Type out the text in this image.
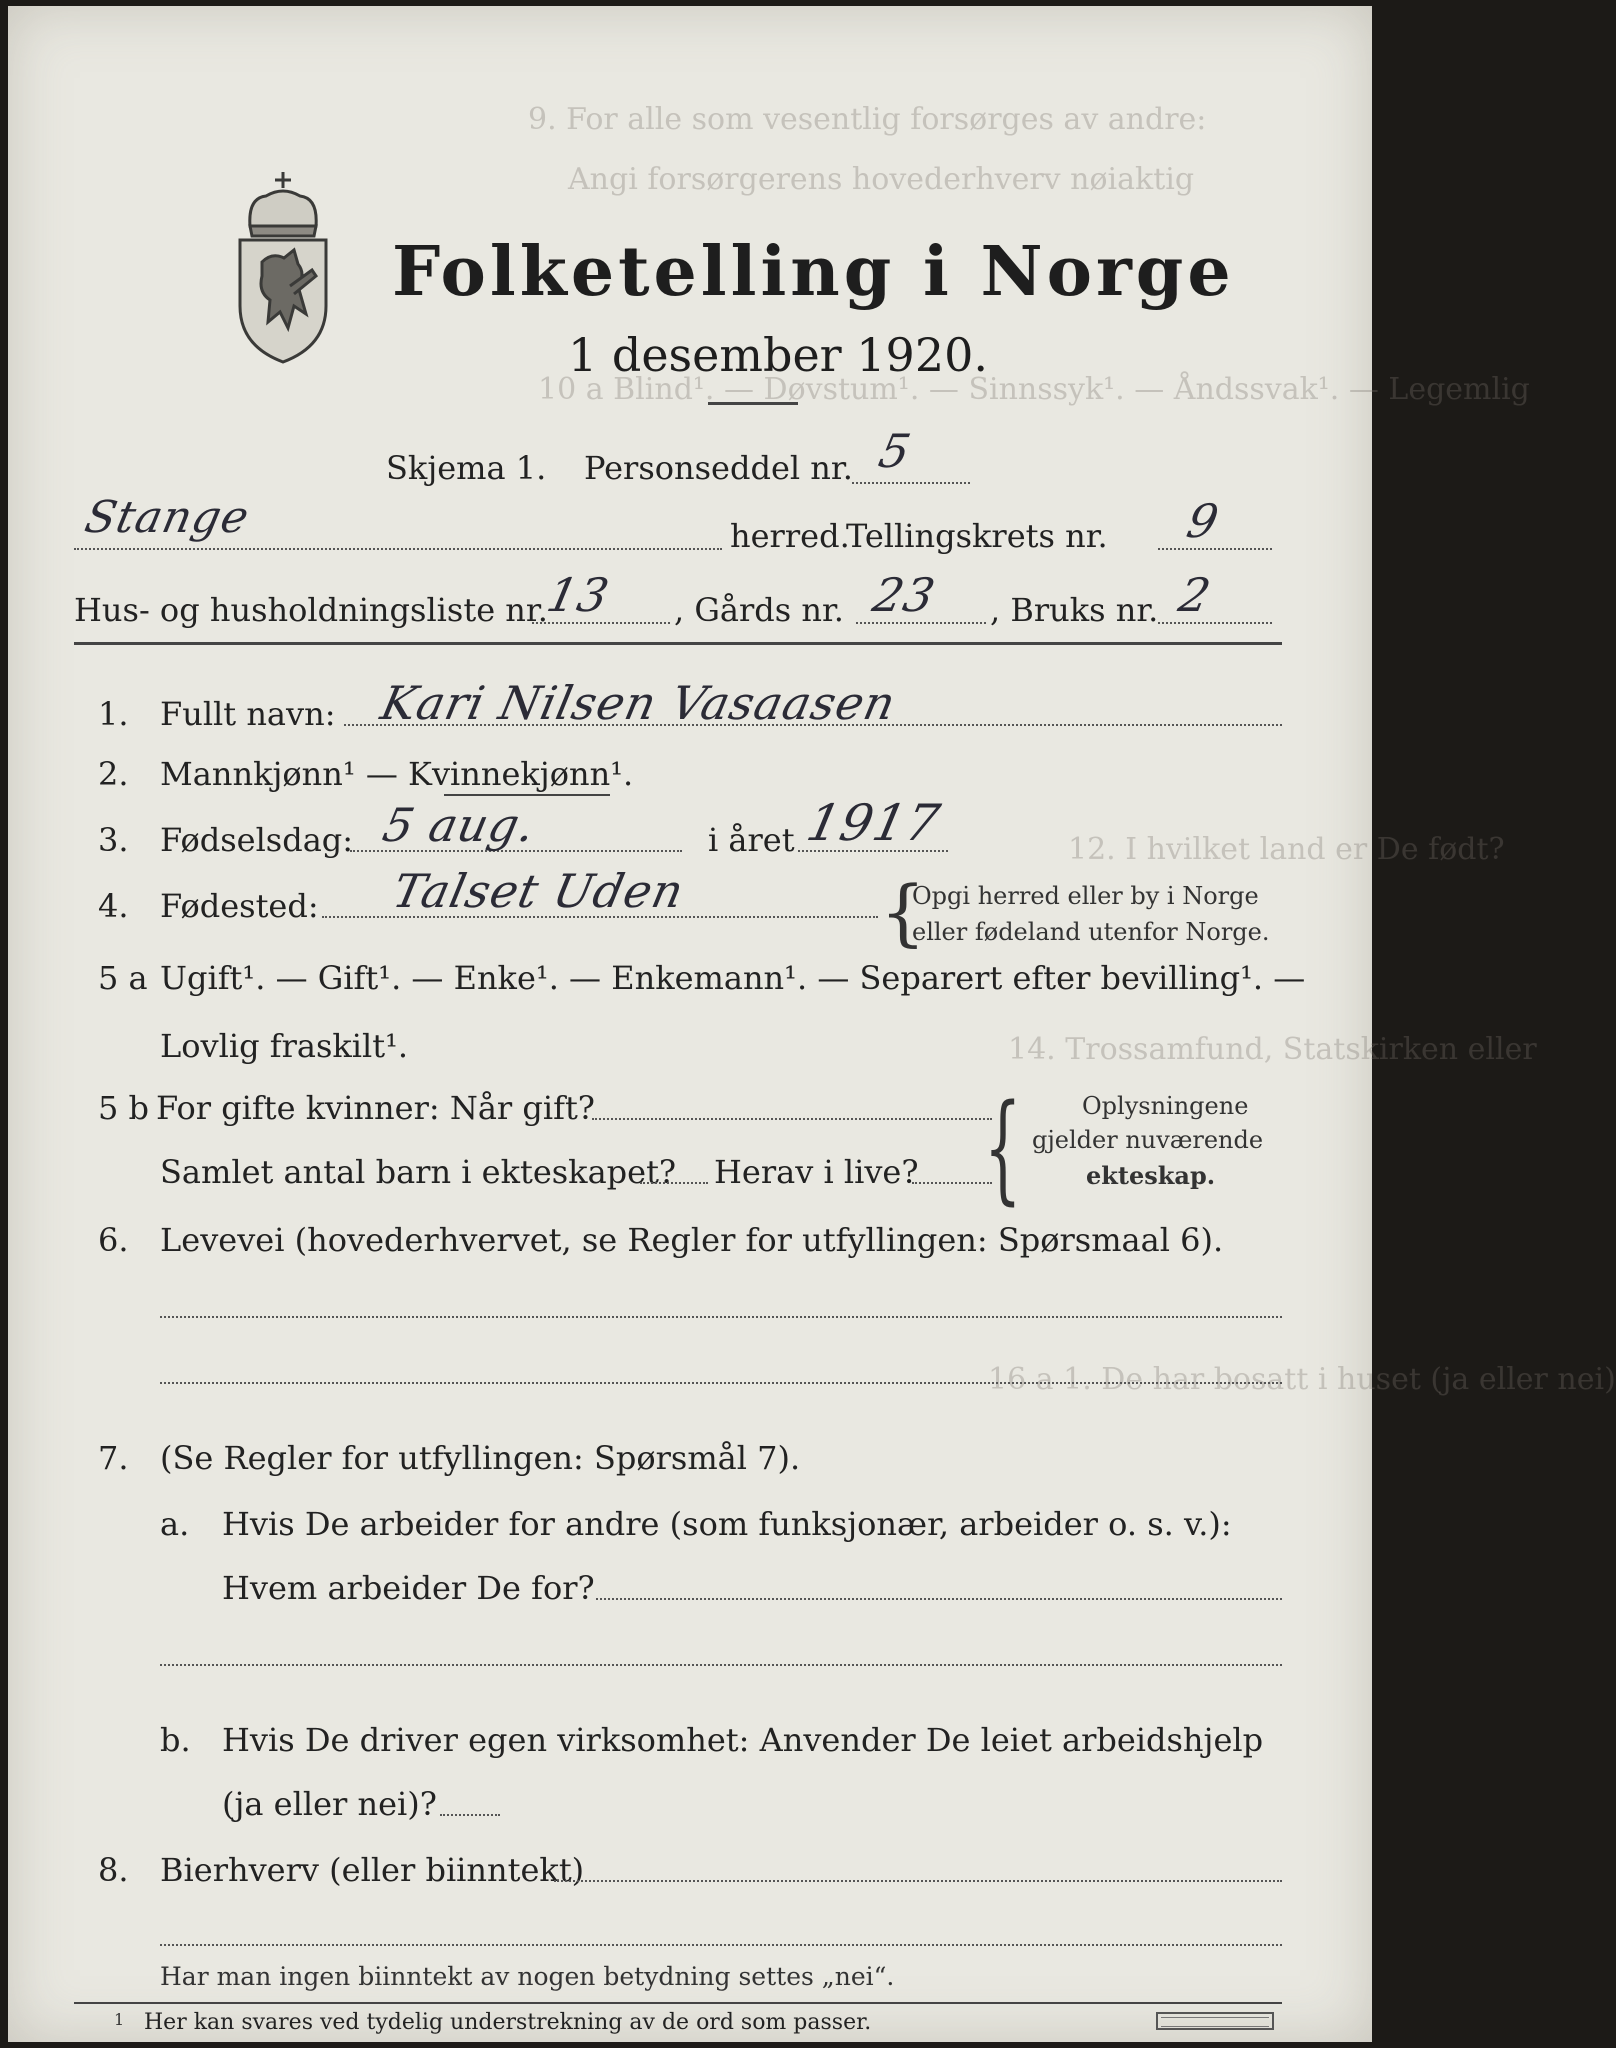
9. For alle som vesentlig forsørges av andre:
Angi forsørgerens hovederhverv nøiaktig
10 a Blind¹. — Døvstum¹. — Sinnssyk¹. — Åndssvak¹. — Legemlig
12. I hvilket land er De født?
14. Trossamfund, Statskirken eller
16 a 1. De har bosatt i huset (ja eller nei)
Folketelling i Norge
1 desember 1920.
Skjema 1. Personseddel nr. 5
Stange	herred.
Tellingskrets nr. 9
Hus- og husholdningsliste nr.
13 , Gårds nr. 23 , Bruks nr. 2
1. Fullt navn: Kari Nilsen Vasaasen
2. Mannkjønn¹ — Kvinnekjønn¹.
3. Fødselsdag: 5 aug.	i året 1917
4. Fødested: Talset Uden	{
Opgi herred eller by i Norge
eller fødeland utenfor Norge.
5 a Ugift¹. — Gift¹. — Enke¹. — Enkemann¹. — Separert efter bevilling¹. —
Lovlig fraskilt¹.
5 b For gifte kvinner: Når gift?
Samlet antal barn i ekteskapet? Herav i live? {	Oplysningene
gjelder nuværende
ekteskap.
6. Levevei (hovederhvervet, se Regler for utfyllingen: Spørsmaal 6).
7. (Se Regler for utfyllingen: Spørsmål 7).
a. Hvis De arbeider for andre (som funksjonær, arbeider o. s. v.):
Hvem arbeider De for?
b. Hvis De driver egen virksomhet: Anvender De leiet arbeidshjelp
(ja eller nei)?
8. Bierhverv (eller biinntekt)
Har man ingen biinntekt av nogen betydning settes „nei“.
1 Her kan svares ved tydelig understrekning av de ord som passer.
